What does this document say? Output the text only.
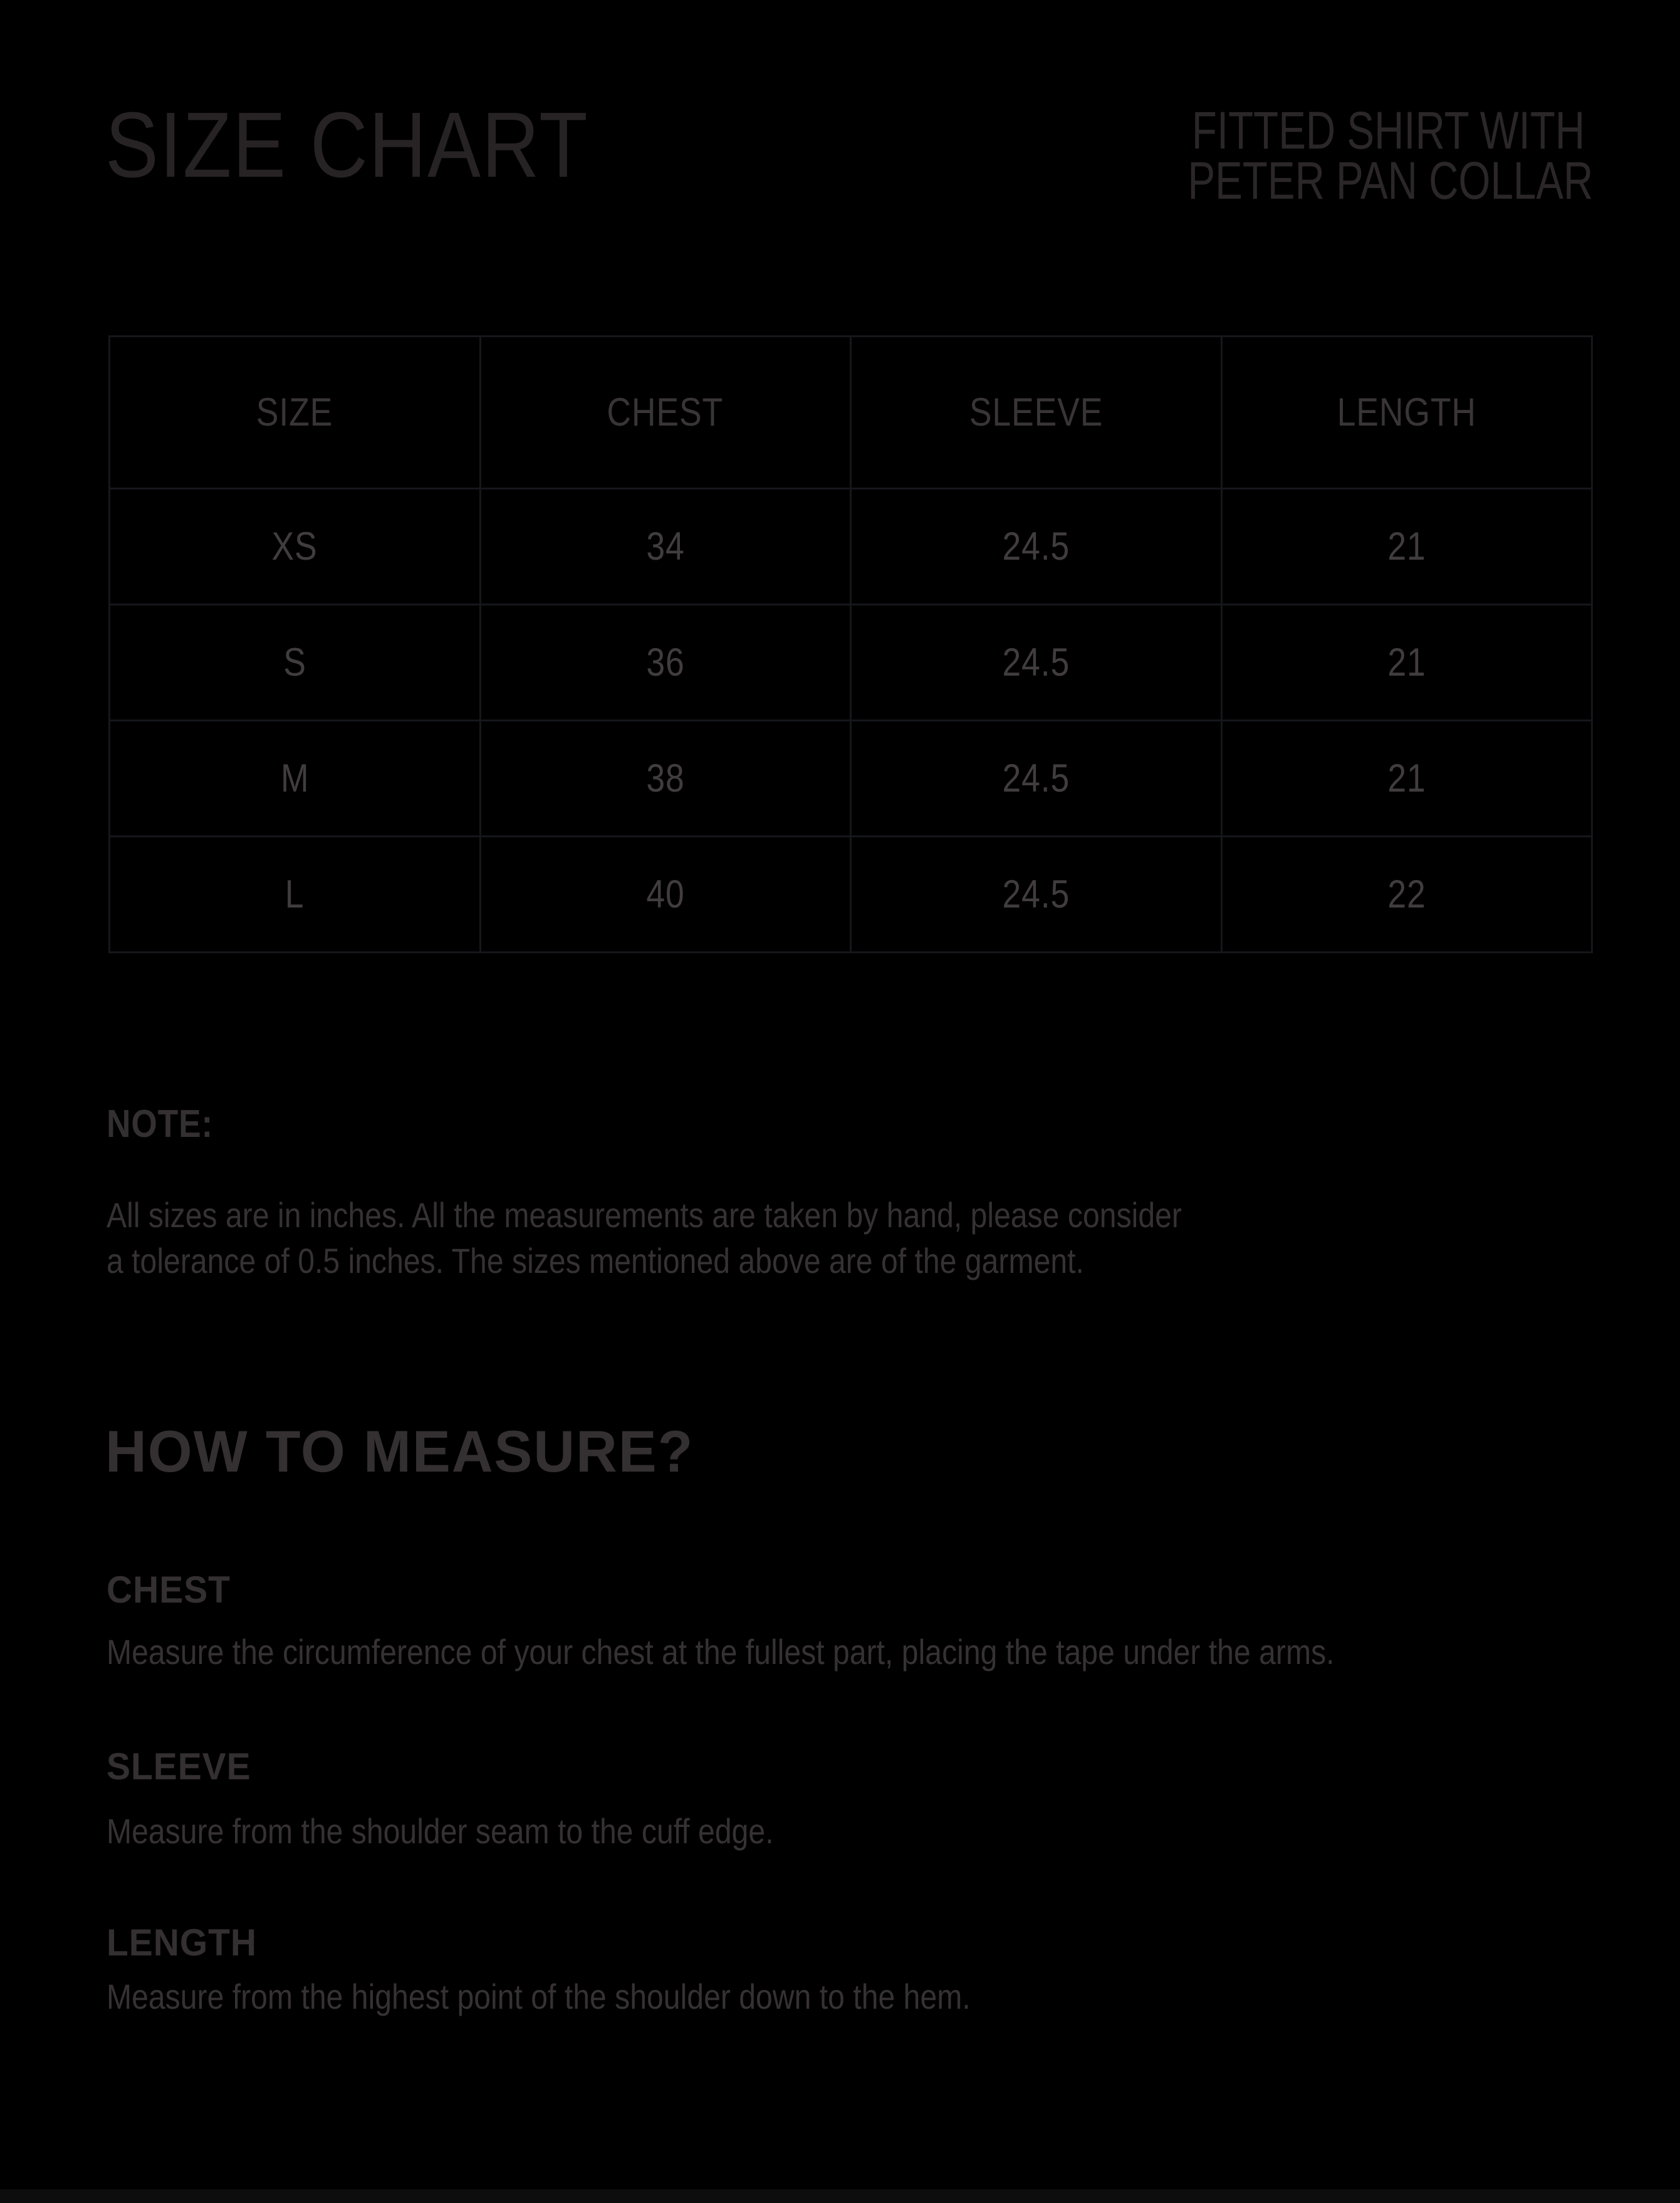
SIZE CHART	FITTED SHIRT WITH
PETER PAN COLLAR
SIZE	CHEST	SLEEVE	LENGTH
XS	34	24.5	21
S	36	24.5	21
M	38	24.5	21
L	40	24.5	22
NOTE:
All sizes are in inches. All the measurements are taken by hand, please consider
a tolerance of 0.5 inches. The sizes mentioned above are of the garment.
HOW TO MEASURE?
CHEST
Measure the circumference of your chest at the fullest part, placing the tape under the arms.
SLEEVE
Measure from the shoulder seam to the cuff edge.
LENGTH
Measure from the highest point of the shoulder down to the hem.
